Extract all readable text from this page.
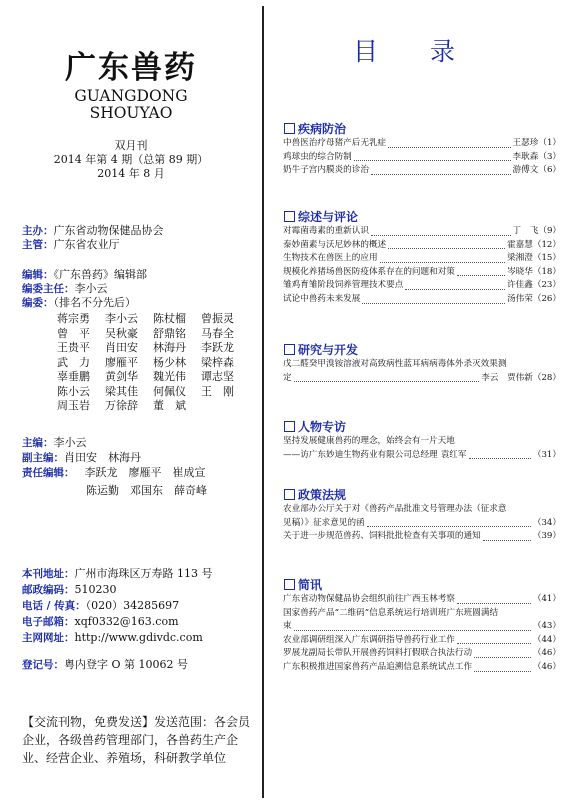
广东兽药
GUANGDONG
SHOUYAO
双月刊
2014 年第 4 期（总第 89 期）
2014 年 8 月
主办：广东省动物保健品协会
主管：广东省农业厅
编辑：《广东兽药》编辑部
编委主任：李小云
编委：（排名不分先后）
蒋宗勇 李小云 陈杖榴 曾振灵
曾　平 吴秋豪 舒鼎铭 马春全
王贵平 肖田安 林海丹 李跃龙
武　力 廖雁平 杨少林 梁梓森
辜垂鹏 黄剑华 魏光伟 谭志坚
陈小云 梁其佳 何佩仪 王　刚
周玉岩 万徐辞 董　斌
主编：李小云
副主编：肖田安　林海丹
责任编辑： 李跃龙　廖雁平　崔成宣
陈运勤　邓国东　薛奇峰
本刊地址：广州市海珠区万寿路 113 号
邮政编码：510230
电话 / 传真：（020）34285697
电子邮箱：xqf0332@163.com
主网网址：http://www.gdivdc.com
登记号：粤内登字 O 第 10062 号
【交流刊物，免费发送】发送范围：各会员企业，各级兽药管理部门，各兽药生产企业、经营企业、养殖场，科研教学单位
目 录
疾病防治
中兽医治疗母猪产后无乳症	王瑟珍 （1）
鸡球虫的综合防制	李耿森 （3）
奶牛子宫内膜炎的诊治	游傅文 （6）
综述与评论
对霉菌毒素的重新认识	丁　飞 （9）
泰妙菌素与沃尼妙林的概述	霍嘉慧 （12）
生物技术在兽医上的应用	梁湘澄 （15）
规模化养猪场兽医防疫体系存在的问题和对策	岑晓华 （18）
雏鸡育雏阶段饲养管理技术要点	许佳鑫 （23）
试论中兽药未来发展	汤伟荣 （26）
研究与开发
戊二醛癸甲溴铵溶液对高致病性蓝耳病病毒体外杀灭效果测
定	李云　贾伟新 （28）
人物专访
坚持发展健康兽药的理念，始终会有一片天地
——访广东妙迪生物药业有限公司总经理 袁红军	（31）
政策法规
农业部办公厅关于对《兽药产品批准文号管理办法（征求意
见稿）》征求意见的函	（34）
关于进一步规范兽药、饲料批批检查有关事项的通知	（39）
简讯
广东省动物保健品协会组织前往广西玉林考察	（41）
国家兽药产品“二维码”信息系统运行培训班广东班圆满结
束	（43）
农业部调研组深入广东调研指导兽药行业工作	（44）
罗展龙副局长带队开展兽药饲料打假联合执法行动	（46）
广东积极推进国家兽药产品追溯信息系统试点工作	（46）
